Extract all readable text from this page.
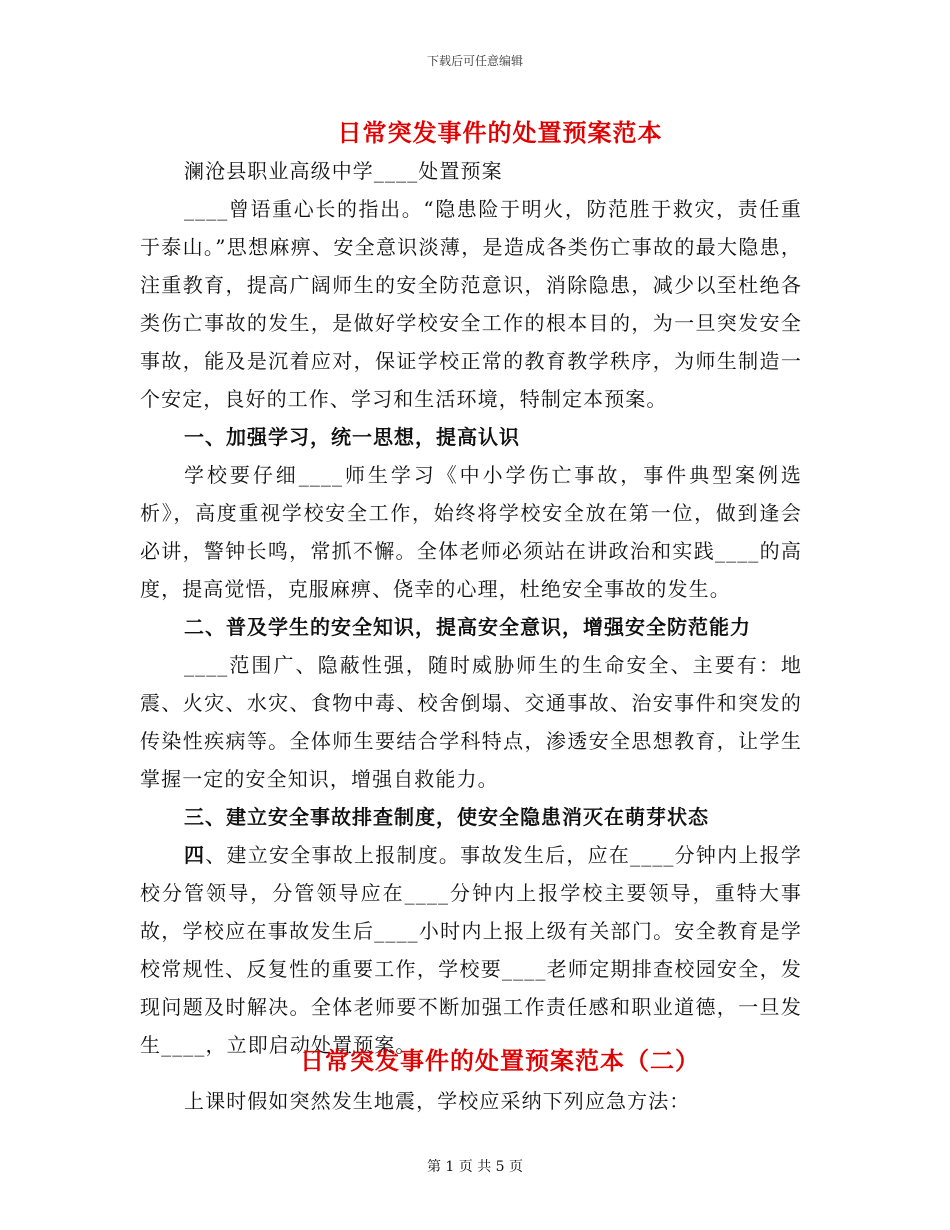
下载后可任意编辑
日常突发事件的处置预案范本

澜沧县职业高级中学____处置预案

____曾语重心长的指出。“隐患险于明火，防范胜于救灾，责任重于泰山。”思想麻痹、安全意识淡薄，是造成各类伤亡事故的最大隐患，注重教育，提高广阔师生的安全防范意识，消除隐患，减少以至杜绝各类伤亡事故的发生，是做好学校安全工作的根本目的，为一旦突发安全事故，能及是沉着应对，保证学校正常的教育教学秩序，为师生制造一个安定，良好的工作、学习和生活环境，特制定本预案。

一、加强学习，统一思想，提高认识

学校要仔细____师生学习《中小学伤亡事故，事件典型案例选析》，高度重视学校安全工作，始终将学校安全放在第一位，做到逢会必讲，警钟长鸣，常抓不懈。全体老师必须站在讲政治和实践____的高度，提高觉悟，克服麻痹、侥幸的心理，杜绝安全事故的发生。

二、普及学生的安全知识，提高安全意识，增强安全防范能力

____范围广、隐蔽性强，随时威胁师生的生命安全、主要有：地震、火灾、水灾、食物中毒、校舍倒塌、交通事故、治安事件和突发的传染性疾病等。全体师生要结合学科特点，渗透安全思想教育，让学生掌握一定的安全知识，增强自救能力。

三、建立安全事故排查制度，使安全隐患消灭在萌芽状态

四、建立安全事故上报制度。事故发生后，应在____分钟内上报学校分管领导，分管领导应在____分钟内上报学校主要领导，重特大事故，学校应在事故发生后____小时内上报上级有关部门。安全教育是学校常规性、反复性的重要工作，学校要____老师定期排查校园安全，发现问题及时解决。全体老师要不断加强工作责任感和职业道德，一旦发生____，立即启动处置预案。

日常突发事件的处置预案范本（二）

上课时假如突然发生地震，学校应采纳下列应急方法：

第 1 页 共 5 页
